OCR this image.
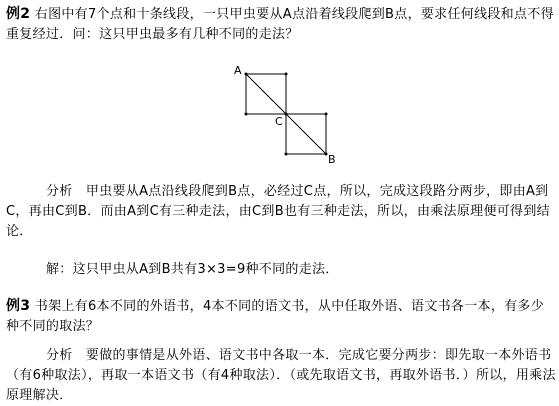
例2 右图中有7个点和十条线段，一只甲虫要从A点沿着线段爬到B点，要求任何线段和点不得重复经过．问：这只甲虫最多有几种不同的走法？
A
C
B
分析　甲虫要从A点沿线段爬到B点，必经过C点，所以，完成这段路分两步，即由A到C，再由C到B．而由A到C有三种走法，由C到B也有三种走法，所以，由乘法原理便可得到结论．
解：这只甲虫从A到B共有3×3=9种不同的走法．
例3 书架上有6本不同的外语书，4本不同的语文书，从中任取外语、语文书各一本，有多少种不同的取法？
分析　要做的事情是从外语、语文书中各取一本．完成它要分两步：即先取一本外语书（有6种取法），再取一本语文书（有4种取法）．（或先取语文书，再取外语书．）所以，用乘法原理解决．
